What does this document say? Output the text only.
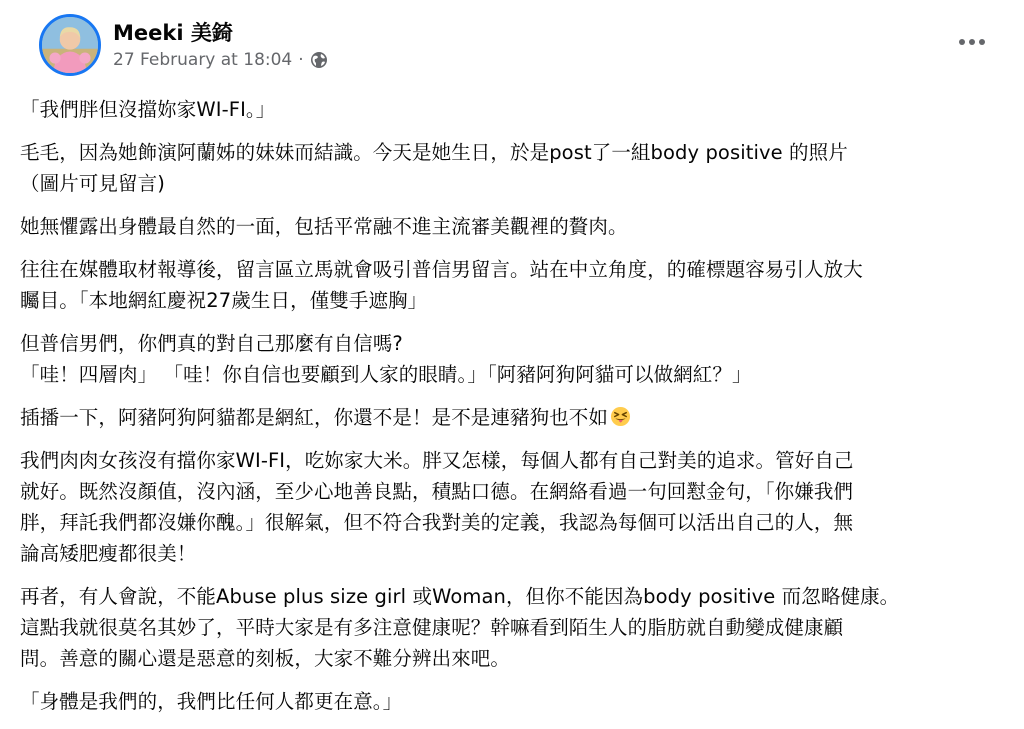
Meeki 美錡
27 February at 18:04 ·

「我們胖但沒擋妳家WI-FI。」

毛毛，因為她飾演阿蘭姊的妹妹而結識。今天是她生日，於是post了一組body positive 的照片
（圖片可見留言)

她無懼露出身體最自然的一面，包括平常融不進主流審美觀裡的贅肉。

往往在媒體取材報導後，留言區立馬就會吸引普信男留言。站在中立角度，的確標題容易引人放大
矚目。「本地網紅慶祝27歲生日，僅雙手遮胸」

但普信男們，你們真的對自己那麼有自信嗎?
「哇！四層肉」 「哇！你自信也要顧到人家的眼睛。」「阿豬阿狗阿貓可以做網紅？」

插播一下，阿豬阿狗阿貓都是網紅，你還不是！是不是連豬狗也不如

我們肉肉女孩沒有擋你家WI-FI，吃妳家大米。胖又怎樣，每個人都有自己對美的追求。管好自己
就好。既然沒顏值，沒內涵，至少心地善良點，積點口德。在網絡看過一句回懟金句，「你嫌我們
胖，拜託我們都沒嫌你醜。」很解氣，但不符合我對美的定義，我認為每個可以活出自己的人，無
論高矮肥瘦都很美！

再者，有人會說，不能Abuse plus size girl 或Woman，但你不能因為body positive 而忽略健康。
這點我就很莫名其妙了，平時大家是有多注意健康呢？幹嘛看到陌生人的脂肪就自動變成健康顧
問。善意的關心還是惡意的刻板，大家不難分辨出來吧。

「身體是我們的，我們比任何人都更在意。」
